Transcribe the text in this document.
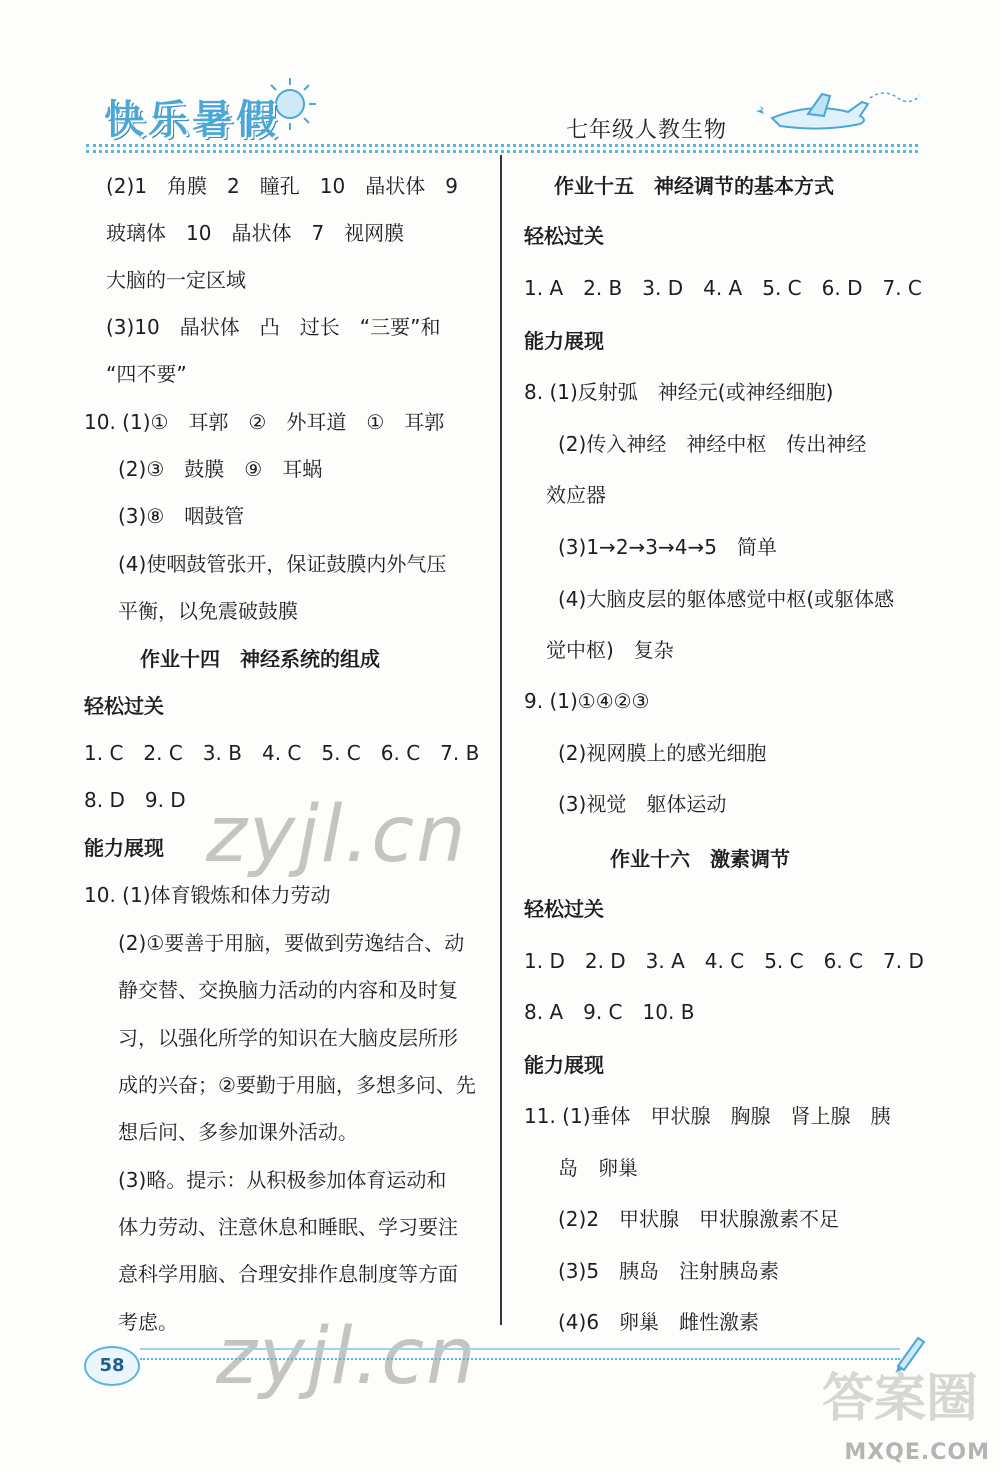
快乐暑假	七年级人教生物
(2)1　角膜　2　瞳孔　10　晶状体　9
玻璃体　10　晶状体　7　视网膜
大脑的一定区域
(3)10　晶状体　凸　过长　“三要”和
“四不要”
10. (1)①　耳郭　②　外耳道　①　耳郭
(2)③　鼓膜　⑨　耳蜗
(3)⑧　咽鼓管
(4)使咽鼓管张开，保证鼓膜内外气压
平衡，以免震破鼓膜
作业十四　神经系统的组成
轻松过关
1. C　2. C　3. B　4. C　5. C　6. C　7. B
8. D　9. D
能力展现
10. (1)体育锻炼和体力劳动
(2)①要善于用脑，要做到劳逸结合、动
静交替、交换脑力活动的内容和及时复
习，以强化所学的知识在大脑皮层所形
成的兴奋；②要勤于用脑，多想多问、先
想后问、多参加课外活动。
(3)略。提示：从积极参加体育运动和
体力劳动、注意休息和睡眠、学习要注
意科学用脑、合理安排作息制度等方面
考虑。
作业十五　神经调节的基本方式
轻松过关
1. A　2. B　3. D　4. A　5. C　6. D　7. C
能力展现
8. (1)反射弧　神经元(或神经细胞)
(2)传入神经　神经中枢　传出神经
效应器
(3)1→2→3→4→5　简单
(4)大脑皮层的躯体感觉中枢(或躯体感
觉中枢)　复杂
9. (1)①④②③
(2)视网膜上的感光细胞
(3)视觉　躯体运动
作业十六　激素调节
轻松过关
1. D　2. D　3. A　4. C　5. C　6. C　7. D
8. A　9. C　10. B
能力展现
11. (1)垂体　甲状腺　胸腺　肾上腺　胰
岛　卵巢
(2)2　甲状腺　甲状腺激素不足
(3)5　胰岛　注射胰岛素
(4)6　卵巢　雌性激素
zyjl.cn
zyjl.cn
58
答案圈
MXQE.COM
